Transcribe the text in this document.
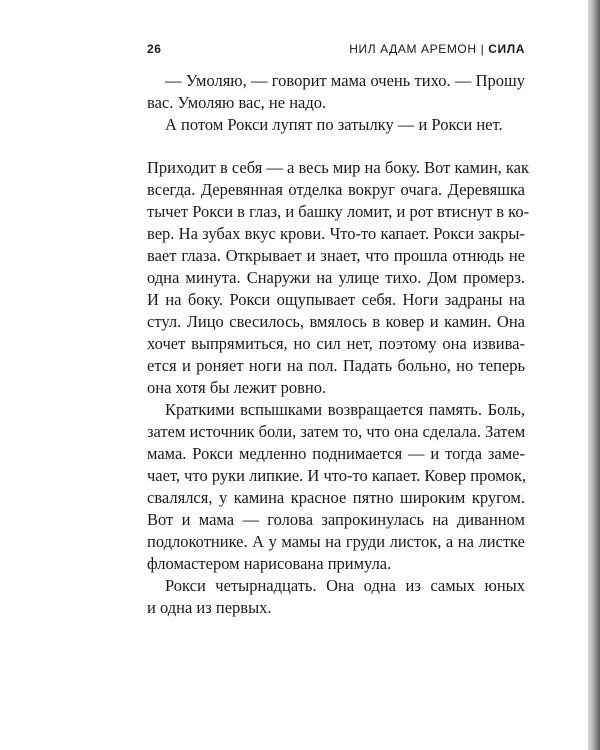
26	НИЛ АДАМ АРЕМОН | СИЛА
— Умоляю, — говорит мама очень тихо. — Прошу
вас. Умоляю вас, не надо.
А потом Рокси лупят по затылку — и Рокси нет.
Приходит в себя — а весь мир на боку. Вот камин, как
всегда. Деревянная отделка вокруг очага. Деревяшка
тычет Рокси в глаз, и башку ломит, и рот втиснут в ко-
вер. На зубах вкус крови. Что-то капает. Рокси закры-
вает глаза. Открывает и знает, что прошла отнюдь не
одна минута. Снаружи на улице тихо. Дом промерз.
И на боку. Рокси ощупывает себя. Ноги задраны на
стул. Лицо свесилось, вмялось в ковер и камин. Она
хочет выпрямиться, но сил нет, поэтому она извива-
ется и роняет ноги на пол. Падать больно, но теперь
она хотя бы лежит ровно.
Краткими вспышками возвращается память. Боль,
затем источник боли, затем то, что она сделала. Затем
мама. Рокси медленно поднимается — и тогда заме-
чает, что руки липкие. И что-то капает. Ковер промок,
свалялся, у камина красное пятно широким кругом.
Вот и мама — голова запрокинулась на диванном
подлокотнике. А у мамы на груди листок, а на листке
фломастером нарисована примула.
Рокси четырнадцать. Она одна из самых юных
и одна из первых.
